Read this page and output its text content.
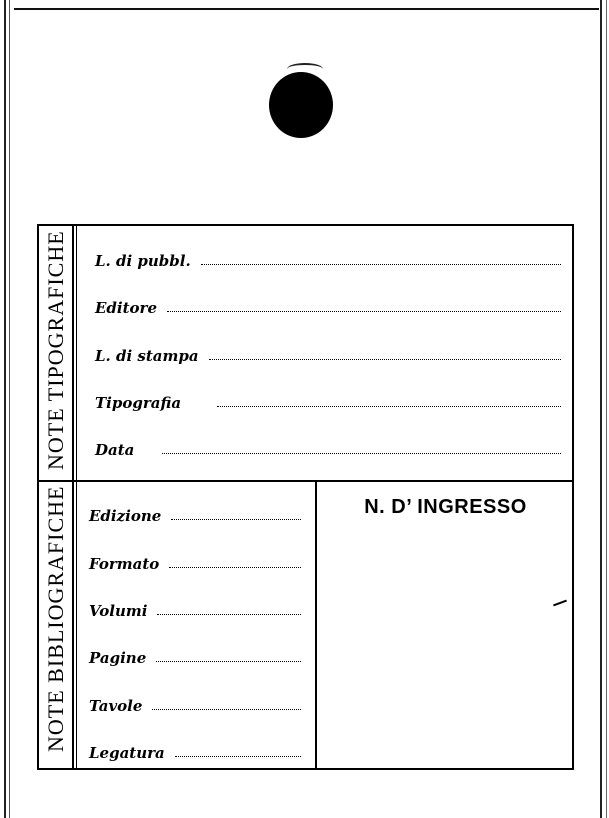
NOTE TIPOGRAFICHE
NOTE BIBLIOGRAFICHE
L. di pubbl.
Editore
L. di stampa
Tipografia
Data
Edizione
Formato
Volumi
Pagine
Tavole
Legatura
N. D’ INGRESSO
